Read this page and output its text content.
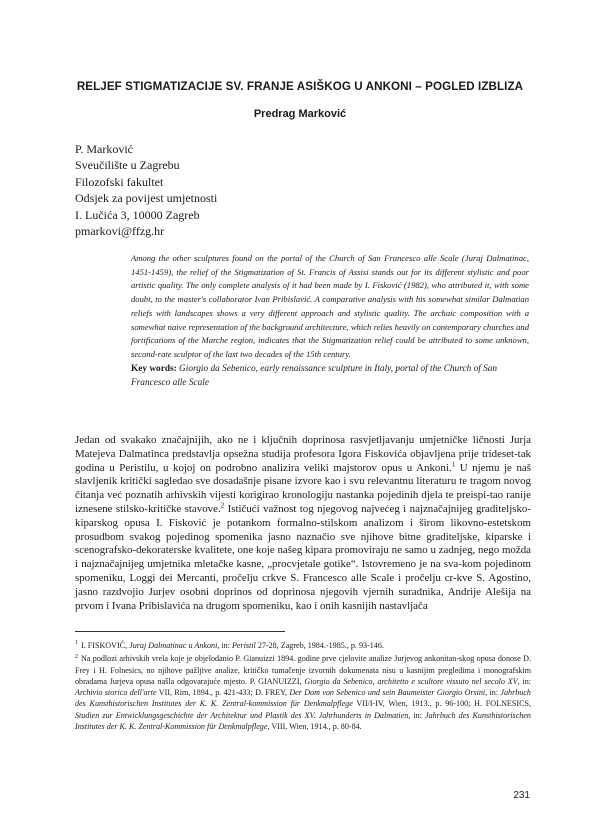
RELJEF STIGMATIZACIJE SV. FRANJE ASIŠKOG U ANKONI – POGLED IZBLIZA
Predrag Marković
P. Marković
Sveučilište u Zagrebu
Filozofski fakultet
Odsjek za povijest umjetnosti
I. Lučića 3, 10000 Zagreb
pmarkovi@ffzg.hr
Among the other sculptures found on the portal of the Church of San Francesco alle Scale (Juraj Dalmatinac, 1451-1459), the relief of the Stigmatization of St. Francis of Assisi stands out for its different stylistic and poor artistic quality. The only complete analysis of it had been made by I. Fisković (1982), who attributed it, with some doubt, to the master's collaborator Ivan Pribislavić. A comparative analysis with his somewhat similar Dalmatian reliefs with landscapes shows a very different approach and stylistic quality. The archaic composition with a somewhat naive representation of the background architecture, which relies heavily on contemporary churches and fortifications of the Marche region, indicates that the Stigmatization relief could be attributed to some unknown, second-rate sculptor of the last two decades of the 15th century.
Key words: Giorgio da Sebenico, early renaissance sculpture in Italy, portal of the Church of San Francesco alle Scale

Jedan od svakako značajnijih, ako ne i ključnih doprinosa rasvjetljavanju umjetničke ličnosti Jurja Matejeva Dalmatinca predstavlja opsežna studija profesora Igora Fiskovića objavljena prije trideset-tak godina u Peristilu, u kojoj on podrobno analizira veliki majstorov opus u Ankoni.$^1$ U njemu je naš slavljenik kritički sagledao sve dosadašnje pisane izvore kao i svu relevantnu literaturu te tragom novog čitanja već poznatih arhivskih vijesti korigirao kronologiju nastanka pojedinih djela te preispi-tao ranije iznesene stilsko-kritičke stavove.$^2$ Ističući važnost tog njegovog najvećeg i najznačajnijeg graditeljsko-kiparskog opusa I. Fisković je potankom formalno-stilskom analizom i širom likovno-estetskom prosudbom svakog pojedinog spomenika jasno naznačio sve njihove bitne graditeljske, kiparske i scenografsko-dekoraterske kvalitete, one koje našeg kipara promoviraju ne samo u zadnjeg, nego možda i najznačajnijeg umjetnika mletačke kasne, „procvjetale gotike“. Istovremeno je na sva-kom pojedinom spomeniku, Loggi dei Mercanti, pročelju crkve S. Francesco alle Scale i pročelju cr-kve S. Agostino, jasno razdvojio Jurjev osobni doprinos od doprinosa njegovih vjernih suradnika, Andrije Alešija na prvom i Ivana Pribislavića na drugom spomeniku, kao i onih kasnijih nastavljača

$^1$ I. FISKOVIĆ, Juraj Dalmatinac u Ankoni, in: Peristil 27-28, Zagreb, 1984.-1985., p. 93-146.

$^2$ Na podlozi arhivskih vrela koje je objelodanio P. Gianuizzi 1894. godine prve cjelovite analize Jurjevog ankonitan-skog opusa donose D. Frey i H. Folnesics, no njihove pažljive analize, kritičko tumačenje izvornih dokumenata nisu u kasnijim pregledima i monografskim obradama Jurjeva opusa našla odgovarajuće mjesto. P. GIANUIZZI, Giorgio da Sebenico, architetto e scultore vissuto nel secolo XV, in: Archivio storico dell'arte VII, Rim, 1894., p. 421-433; D. FREY, Der Dom von Sebenico und sein Baumeister Giorgio Orsini, in: Jahrbuch des Kunsthistorischen Institutes der K. K. Zentral-kommission für Denkmalpflege VII/I-IV, Wien, 1913., p. 96-100; H. FOLNESICS, Studien zur Entwicklungsgeschichte der Architektur und Plastik des XV. Jahrhunderts in Dalmatien, in: Jahrbuch des Kunsthistorischen Institutes der K. K. Zentral-Kommission für Denkmalpflege, VIII, Wien, 1914., p. 80-84.

231
